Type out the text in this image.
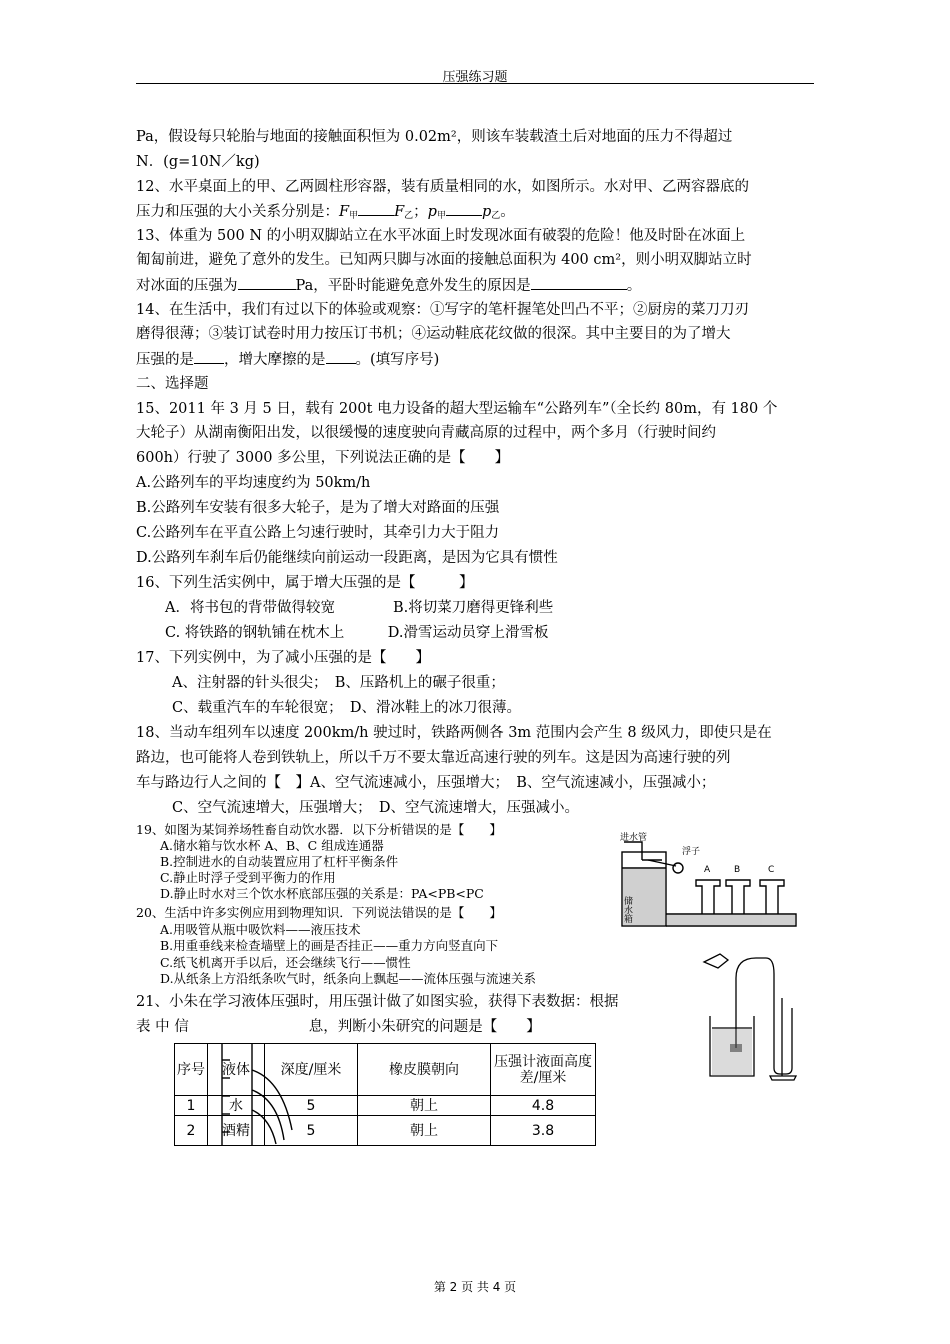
压强练习题
Pa，假设每只轮胎与地面的接触面积恒为 0.02m²，则该车装载渣土后对地面的压力不得超过
N．(g=10N／kg)
12、水平桌面上的甲、乙两圆柱形容器，装有质量相同的水，如图所示。水对甲、乙两容器底的
压力和压强的大小关系分别是：$F_甲$ $F_乙$；$p_甲$ $p_乙$。
13、体重为 500 N 的小明双脚站立在水平冰面上时发现冰面有破裂的危险！他及时卧在冰面上
匍匐前进，避免了意外的发生。已知两只脚与冰面的接触总面积为 400 cm²，则小明双脚站立时
对冰面的压强为	Pa，平卧时能避免意外发生的原因是	。
14、在生活中，我们有过以下的体验或观察：①写字的笔杆握笔处凹凸不平；②厨房的菜刀刀刃
磨得很薄；③装订试卷时用力按压订书机；④运动鞋底花纹做的很深。其中主要目的为了增大
压强的是 ，增大摩擦的是 。(填写序号)
二、选择题
15、2011 年 3 月 5 日，载有 200t 电力设备的超大型运输车“公路列车”（全长约 80m，有 180 个
大轮子）从湖南衡阳出发，以很缓慢的速度驶向青藏高原的过程中，两个多月（行驶时间约
600h）行驶了 3000 多公里，下列说法正确的是【　　】
A.公路列车的平均速度约为 50km/h
B.公路列车安装有很多大轮子，是为了增大对路面的压强
C.公路列车在平直公路上匀速行驶时，其牵引力大于阻力
D.公路列车刹车后仍能继续向前运动一段距离，是因为它具有惯性
16、下列生活实例中，属于增大压强的是【　　　】
A．将书包的背带做得较宽　　　　B.将切菜刀磨得更锋利些
C. 将铁路的钢轨铺在枕木上　　　D.滑雪运动员穿上滑雪板
17、下列实例中，为了减小压强的是【　　】
A、注射器的针头很尖；　B、压路机上的碾子很重；
C、载重汽车的车轮很宽；　D、滑冰鞋上的冰刀很薄。
18、当动车组列车以速度 200km/h 驶过时，铁路两侧各 3m 范围内会产生 8 级风力，即使只是在
路边，也可能将人卷到铁轨上，所以千万不要太靠近高速行驶的列车。这是因为高速行驶的列
车与路边行人之间的【　】A、空气流速减小，压强增大；　B、空气流速减小，压强减小；
C、空气流速增大，压强增大；　D、空气流速增大，压强减小。
19、如图为某饲养场牲畜自动饮水器．以下分析错误的是【　　】
A.储水箱与饮水杯 A、B、C 组成连通器
B.控制进水的自动装置应用了杠杆平衡条件
C.静止时浮子受到平衡力的作用
D.静止时水对三个饮水杯底部压强的关系是：PA<PB<PC
20、生活中许多实例应用到物理知识．下列说法错误的是【　　】
A.用吸管从瓶中吸饮料——液压技术
B.用重垂线来检查墙壁上的画是否挂正——重力方向竖直向下
C.纸飞机离开手以后，还会继续飞行——惯性
D.从纸条上方沿纸条吹气时，纸条向上飘起——流体压强与流速关系
21、小朱在学习液体压强时，用压强计做了如图实验，获得下表数据：根据
表 中 信	息，判断小朱研究的问题是【　　】
进水管
浮子
储水箱
A	B	C
序号	液体	深度/厘米	橡皮膜朝向	压强计液面高度差/厘米
1	水	5	朝上	4.8
2	酒精	5	朝上	3.8
第 2 页 共 4 页
